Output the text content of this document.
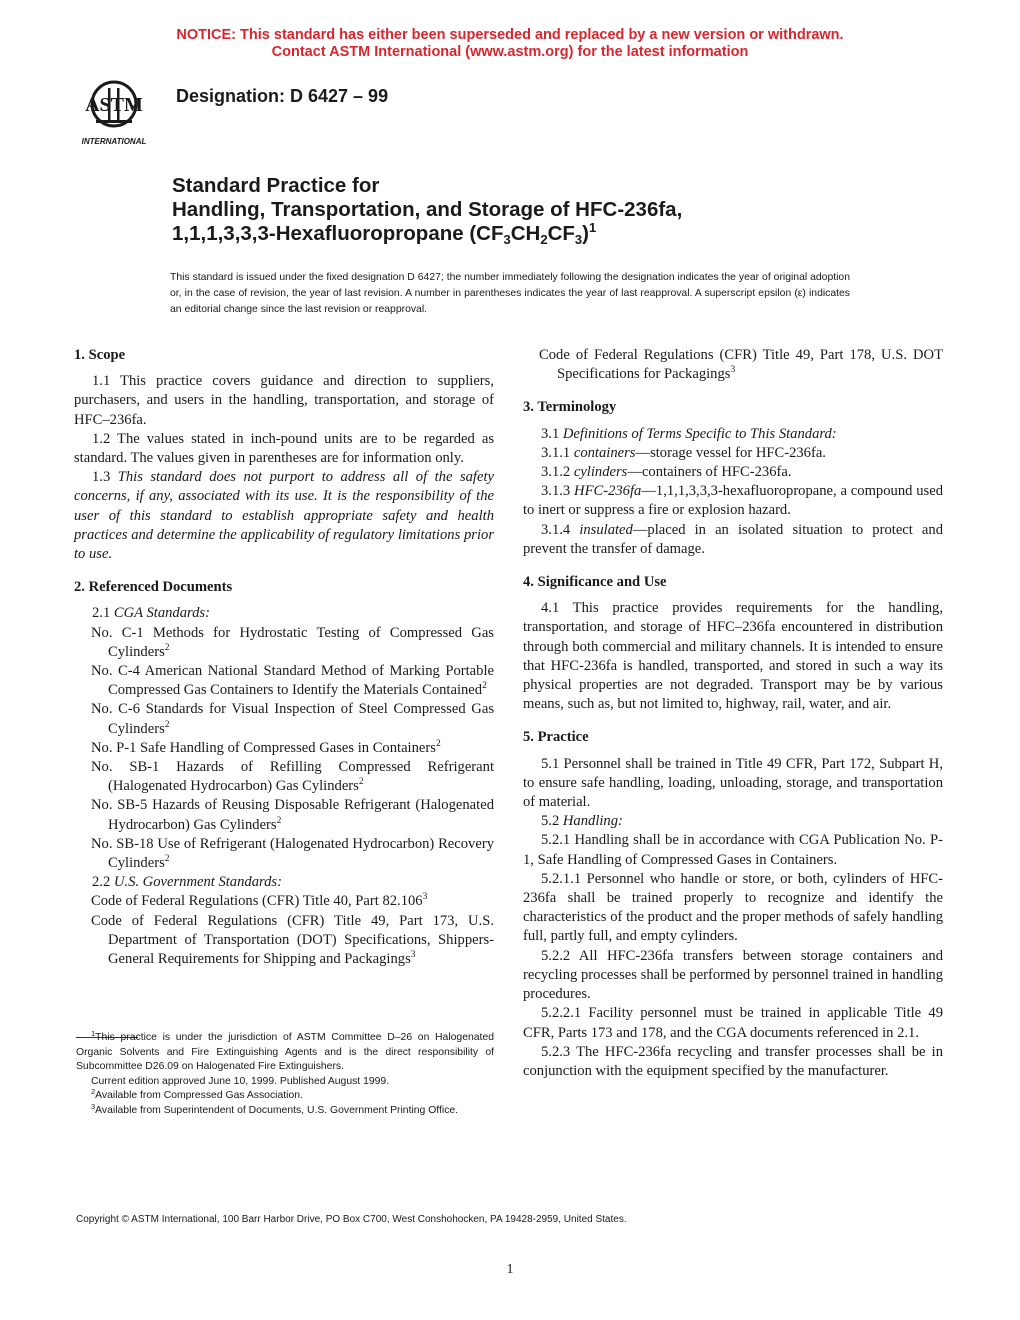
NOTICE: This standard has either been superseded and replaced by a new version or withdrawn.
Contact ASTM International (www.astm.org) for the latest information
ASTM
INTERNATIONAL
Designation: D 6427 – 99
Standard Practice for
Handling, Transportation, and Storage of HFC-236fa,
1,1,1,3,3,3-Hexafluoropropane $(CF_3CH_2CF_3)^1$
This standard is issued under the fixed designation D 6427; the number immediately following the designation indicates the year of original adoption or, in the case of revision, the year of last revision. A number in parentheses indicates the year of last reapproval. A superscript epsilon (ε) indicates an editorial change since the last revision or reapproval.
1. Scope

1.1 This practice covers guidance and direction to suppliers, purchasers, and users in the handling, transportation, and storage of HFC–236fa.

1.2 The values stated in inch-pound units are to be regarded as standard. The values given in parentheses are for information only.

1.3 This standard does not purport to address all of the safety concerns, if any, associated with its use. It is the responsibility of the user of this standard to establish appropriate safety and health practices and determine the applicability of regulatory limitations prior to use.

2. Referenced Documents

2.1 CGA Standards:

No. C-1 Methods for Hydrostatic Testing of Compressed Gas Cylinders$^2$

No. C-4 American National Standard Method of Marking Portable Compressed Gas Containers to Identify the Materials Contained$^2$

No. C-6 Standards for Visual Inspection of Steel Compressed Gas Cylinders$^2$

No. P-1 Safe Handling of Compressed Gases in Containers$^2$

No. SB-1 Hazards of Refilling Compressed Refrigerant (Halogenated Hydrocarbon) Gas Cylinders$^2$

No. SB-5 Hazards of Reusing Disposable Refrigerant (Halogenated Hydrocarbon) Gas Cylinders$^2$

No. SB-18 Use of Refrigerant (Halogenated Hydrocarbon) Recovery Cylinders$^2$

2.2 U.S. Government Standards:

Code of Federal Regulations (CFR) Title 40, Part 82.106$^3$

Code of Federal Regulations (CFR) Title 49, Part 173, U.S. Department of Transportation (DOT) Specifications, Shippers-General Requirements for Shipping and Packagings$^3$

$^1$This practice is under the jurisdiction of ASTM Committee D–26 on Halogenated Organic Solvents and Fire Extinguishing Agents and is the direct responsibility of Subcommittee D26.09 on Halogenated Fire Extinguishers.

Current edition approved June 10, 1999. Published August 1999.

$^2$Available from Compressed Gas Association.

$^3$Available from Superintendent of Documents, U.S. Government Printing Office.

Code of Federal Regulations (CFR) Title 49, Part 178, U.S. DOT Specifications for Packagings$^3$

3. Terminology

3.1 Definitions of Terms Specific to This Standard:

3.1.1 containers—storage vessel for HFC-236fa.

3.1.2 cylinders—containers of HFC-236fa.

3.1.3 HFC-236fa—1,1,1,3,3,3-hexafluoropropane, a compound used to inert or suppress a fire or explosion hazard.

3.1.4 insulated—placed in an isolated situation to protect and prevent the transfer of damage.

4. Significance and Use

4.1 This practice provides requirements for the handling, transportation, and storage of HFC–236fa encountered in distribution through both commercial and military channels. It is intended to ensure that HFC-236fa is handled, transported, and stored in such a way its physical properties are not degraded. Transport may be by various means, such as, but not limited to, highway, rail, water, and air.

5. Practice

5.1 Personnel shall be trained in Title 49 CFR, Part 172, Subpart H, to ensure safe handling, loading, unloading, storage, and transportation of material.

5.2 Handling:

5.2.1 Handling shall be in accordance with CGA Publication No. P-1, Safe Handling of Compressed Gases in Containers.

5.2.1.1 Personnel who handle or store, or both, cylinders of HFC-236fa shall be trained properly to recognize and identify the characteristics of the product and the proper methods of safely handling full, partly full, and empty cylinders.

5.2.2 All HFC-236fa transfers between storage containers and recycling processes shall be performed by personnel trained in handling procedures.

5.2.2.1 Facility personnel must be trained in applicable Title 49 CFR, Parts 173 and 178, and the CGA documents referenced in 2.1.

5.2.3 The HFC-236fa recycling and transfer processes shall be in conjunction with the equipment specified by the manufacturer.

Copyright © ASTM International, 100 Barr Harbor Drive, PO Box C700, West Conshohocken, PA 19428-2959, United States.
1
